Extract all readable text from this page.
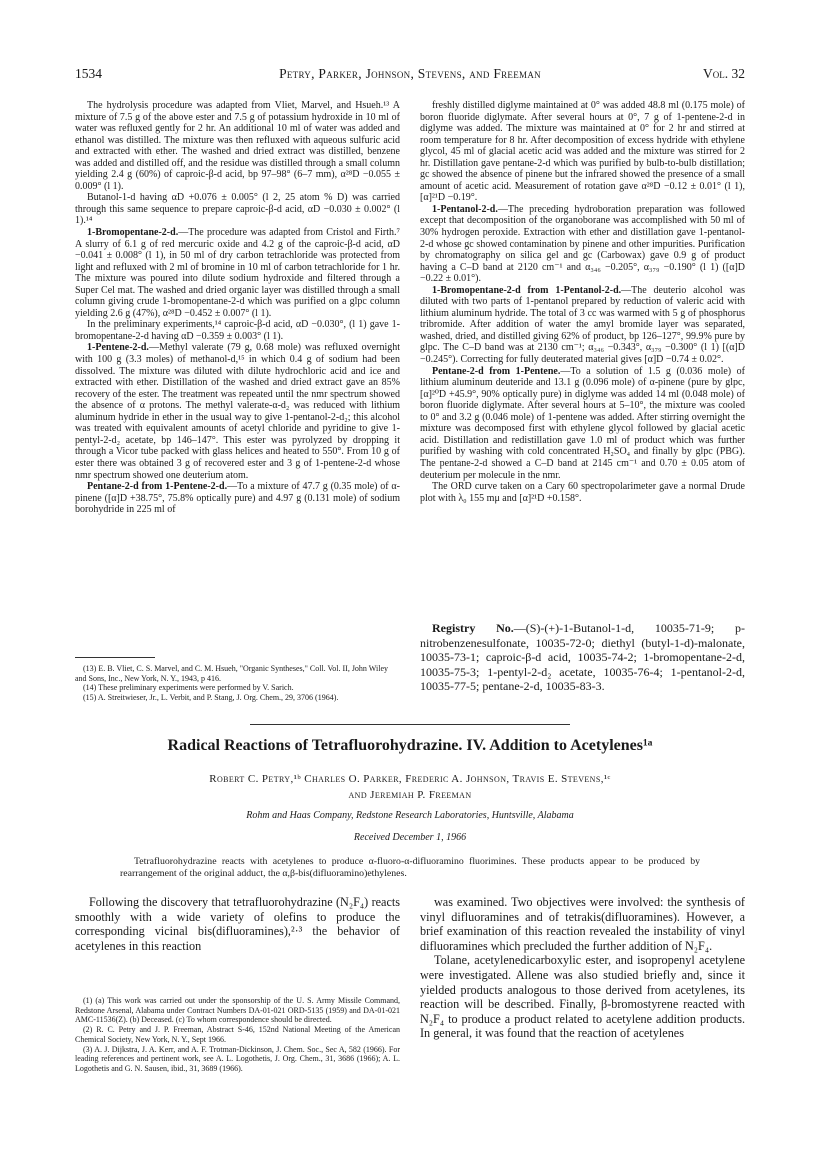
1534	Petry, Parker, Johnson, Stevens, and Freeman	Vol. 32

The hydrolysis procedure was adapted from Vliet, Marvel, and Hsueh.¹³ A mixture of 7.5 g of the above ester and 7.5 g of potassium hydroxide in 10 ml of water was refluxed gently for 2 hr. An additional 10 ml of water was added and ethanol was distilled. The mixture was then refluxed with aqueous sulfuric acid and extracted with ether. The washed and dried extract was distilled, benzene was added and distilled off, and the residue was distilled through a small column yielding 2.4 g (60%) of caproic-β-d acid, bp 97–98° (6–7 mm), α²⁸D −0.055 ± 0.009° (l 1).

Butanol-1-d having αD +0.076 ± 0.005° (l 2, 25 atom % D) was carried through this same sequence to prepare caproic-β-d acid, αD −0.030 ± 0.002° (l 1).¹⁴

1-Bromopentane-2-d.—The procedure was adapted from Cristol and Firth.⁷ A slurry of 6.1 g of red mercuric oxide and 4.2 g of the caproic-β-d acid, αD −0.041 ± 0.008° (l 1), in 50 ml of dry carbon tetrachloride was protected from light and refluxed with 2 ml of bromine in 10 ml of carbon tetrachloride for 1 hr. The mixture was poured into dilute sodium hydroxide and filtered through a Super Cel mat. The washed and dried organic layer was distilled through a small column giving crude 1-bromopentane-2-d which was purified on a glpc column yielding 2.6 g (47%), α²⁸D −0.452 ± 0.007° (l 1).

In the preliminary experiments,¹⁴ caproic-β-d acid, αD −0.030°, (l 1) gave 1-bromopentane-2-d having αD −0.359 ± 0.003° (l 1).

1-Pentene-2-d.—Methyl valerate (79 g, 0.68 mole) was refluxed overnight with 100 g (3.3 moles) of methanol-d,¹⁵ in which 0.4 g of sodium had been dissolved. The mixture was diluted with dilute hydrochloric acid and ice and extracted with ether. Distillation of the washed and dried extract gave an 85% recovery of the ester. The treatment was repeated until the nmr spectrum showed the absence of α protons. The methyl valerate-α-d₂ was reduced with lithium aluminum hydride in ether in the usual way to give 1-pentanol-2-d₂; this alcohol was treated with equivalent amounts of acetyl chloride and pyridine to give 1-pentyl-2-d₂ acetate, bp 146–147°. This ester was pyrolyzed by dropping it through a Vicor tube packed with glass helices and heated to 550°. From 10 g of ester there was obtained 3 g of recovered ester and 3 g of 1-pentene-2-d whose nmr spectrum showed one deuterium atom.

Pentane-2-d from 1-Pentene-2-d.—To a mixture of 47.7 g (0.35 mole) of α-pinene ([α]D +38.75°, 75.8% optically pure) and 4.97 g (0.131 mole) of sodium borohydride in 225 ml of

(13) E. B. Vliet, C. S. Marvel, and C. M. Hsueh, "Organic Syntheses," Coll. Vol. II, John Wiley and Sons, Inc., New York, N. Y., 1943, p 416.

(14) These preliminary experiments were performed by V. Sarich.

(15) A. Streitwieser, Jr., L. Verbit, and P. Stang, J. Org. Chem., 29, 3706 (1964).

freshly distilled diglyme maintained at 0° was added 48.8 ml (0.175 mole) of boron fluoride diglymate. After several hours at 0°, 7 g of 1-pentene-2-d in diglyme was added. The mixture was maintained at 0° for 2 hr and stirred at room temperature for 8 hr. After decomposition of excess hydride with ethylene glycol, 45 ml of glacial acetic acid was added and the mixture was stirred for 2 hr. Distillation gave pentane-2-d which was purified by bulb-to-bulb distillation; gc showed the absence of pinene but the infrared showed the presence of a small amount of acetic acid. Measurement of rotation gave α²⁸D −0.12 ± 0.01° (l 1), [α]²¹D −0.19°.

1-Pentanol-2-d.—The preceding hydroboration preparation was followed except that decomposition of the organoborane was accomplished with 50 ml of 30% hydrogen peroxide. Extraction with ether and distillation gave 1-pentanol-2-d whose gc showed contamination by pinene and other impurities. Purification by chromatography on silica gel and gc (Carbowax) gave 0.9 g of product having a C–D band at 2120 cm⁻¹ and α₃₄₆ −0.205°, α₃₇₉ −0.190° (l 1) ([α]D −0.22 ± 0.01°).

1-Bromopentane-2-d from 1-Pentanol-2-d.—The deuterio alcohol was diluted with two parts of 1-pentanol prepared by reduction of valeric acid with lithium aluminum hydride. The total of 3 cc was warmed with 5 g of phosphorus tribromide. After addition of water the amyl bromide layer was separated, washed, dried, and distilled giving 62% of product, bp 126–127°, 99.9% pure by glpc. The C–D band was at 2130 cm⁻¹; α₃₄₆ −0.343°, α₃₇₉ −0.300° (l 1) [(α]D −0.245°). Correcting for fully deuterated material gives [α]D −0.74 ± 0.02°.

Pentane-2-d from 1-Pentene.—To a solution of 1.5 g (0.036 mole) of lithium aluminum deuteride and 13.1 g (0.096 mole) of α-pinene (pure by glpc, [α]²⁰D +45.9°, 90% optically pure) in diglyme was added 14 ml (0.048 mole) of boron fluoride diglymate. After several hours at 5–10°, the mixture was cooled to 0° and 3.2 g (0.046 mole) of 1-pentene was added. After stirring overnight the mixture was decomposed first with ethylene glycol followed by glacial acetic acid. Distillation and redistillation gave 1.0 ml of product which was further purified by washing with cold concentrated H₂SO₄ and finally by glpc (PBG). The pentane-2-d showed a C–D band at 2145 cm⁻¹ and 0.70 ± 0.05 atom of deuterium per molecule in the nmr.

The ORD curve taken on a Cary 60 spectropolarimeter gave a normal Drude plot with λ₀ 155 mμ and [α]²¹D +0.158°.

Registry No.—(S)-(+)-1-Butanol-1-d, 10035-71-9; p-nitrobenzenesulfonate, 10035-72-0; diethyl (butyl-1-d)-malonate, 10035-73-1; caproic-β-d acid, 10035-74-2; 1-bromopentane-2-d, 10035-75-3; 1-pentyl-2-d₂ acetate, 10035-76-4; 1-pentanol-2-d, 10035-77-5; pentane-2-d, 10035-83-3.

Radical Reactions of Tetrafluorohydrazine. IV. Addition to Acetylenes¹ᵃ
Robert C. Petry,¹ᵇ Charles O. Parker, Frederic A. Johnson, Travis E. Stevens,¹ᶜ
and Jeremiah P. Freeman
Rohm and Haas Company, Redstone Research Laboratories, Huntsville, Alabama
Received December 1, 1966

Tetrafluorohydrazine reacts with acetylenes to produce α-fluoro-α-difluoramino fluorimines. These products appear to be produced by rearrangement of the original adduct, the α,β-bis(difluoramino)ethylenes.

Following the discovery that tetrafluorohydrazine (N₂F₄) reacts smoothly with a wide variety of olefins to produce the corresponding vicinal bis(difluoramines),²·³ the behavior of acetylenes in this reaction

(1) (a) This work was carried out under the sponsorship of the U. S. Army Missile Command, Redstone Arsenal, Alabama under Contract Numbers DA-01-021 ORD-5135 (1959) and DA-01-021 AMC-11536(Z). (b) Deceased. (c) To whom correspondence should be directed.

(2) R. C. Petry and J. P. Freeman, Abstract S-46, 152nd National Meeting of the American Chemical Society, New York, N. Y., Sept 1966.

(3) A. J. Dijkstra, J. A. Kerr, and A. F. Trotman-Dickinson, J. Chem. Soc., Sec A, 582 (1966). For leading references and pertinent work, see A. L. Logothetis, J. Org. Chem., 31, 3686 (1966); A. L. Logothetis and G. N. Sausen, ibid., 31, 3689 (1966).

was examined. Two objectives were involved: the synthesis of vinyl difluoramines and of tetrakis(difluoramines). However, a brief examination of this reaction revealed the instability of vinyl difluoramines which precluded the further addition of N₂F₄.

Tolane, acetylenedicarboxylic ester, and isopropenyl acetylene were investigated. Allene was also studied briefly and, since it yielded products analogous to those derived from acetylenes, its reaction will be described. Finally, β-bromostyrene reacted with N₂F₄ to produce a product related to acetylene addition products. In general, it was found that the reaction of acetylenes
